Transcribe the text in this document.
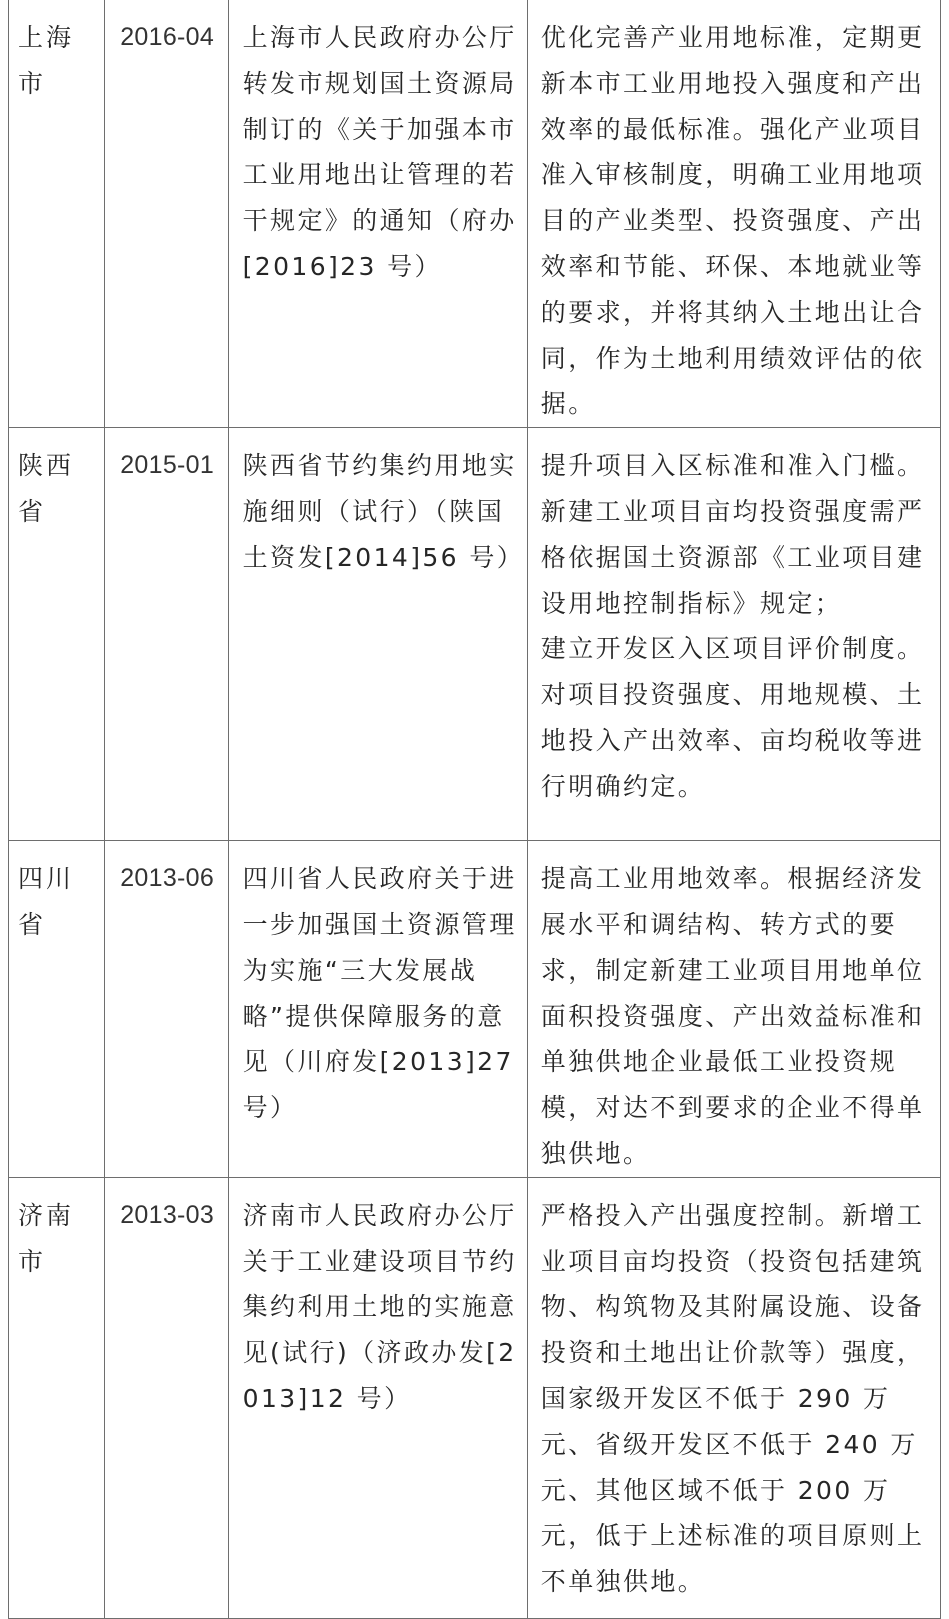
上海市	2016-04	上海市人民政府办公厅转发市规划国土资源局制订的《关于加强本市工业用地出让管理的若干规定》的通知（府办[2016]23 号）	优化完善产业用地标准，定期更新本市工业用地投入强度和产出效率的最低标准。强化产业项目准入审核制度，明确工业用地项目的产业类型、投资强度、产出效率和节能、环保、本地就业等的要求，并将其纳入土地出让合同，作为土地利用绩效评估的依据。

陕西省	2015-01	陕西省节约集约用地实施细则（试行）（陕国土资发[2014]56 号）	提升项目入区标准和准入门槛。新建工业项目亩均投资强度需严格依据国土资源部《工业项目建设用地控制指标》规定；
建立开发区入区项目评价制度。对项目投资强度、用地规模、土地投入产出效率、亩均税收等进行明确约定。

四川省	2013-06	四川省人民政府关于进一步加强国土资源管理为实施“三大发展战略”提供保障服务的意见（川府发[2013]27 号）	提高工业用地效率。根据经济发展水平和调结构、转方式的要求，制定新建工业项目用地单位面积投资强度、产出效益标准和单独供地企业最低工业投资规模，对达不到要求的企业不得单独供地。

济南市	2013-03	济南市人民政府办公厅关于工业建设项目节约集约利用土地的实施意见(试行)（济政办发[2013]12 号）	严格投入产出强度控制。新增工业项目亩均投资（投资包括建筑物、构筑物及其附属设施、设备投资和土地出让价款等）强度，国家级开发区不低于 290 万元、省级开发区不低于 240 万元、其他区域不低于 200 万元，低于上述标准的项目原则上不单独供地。
